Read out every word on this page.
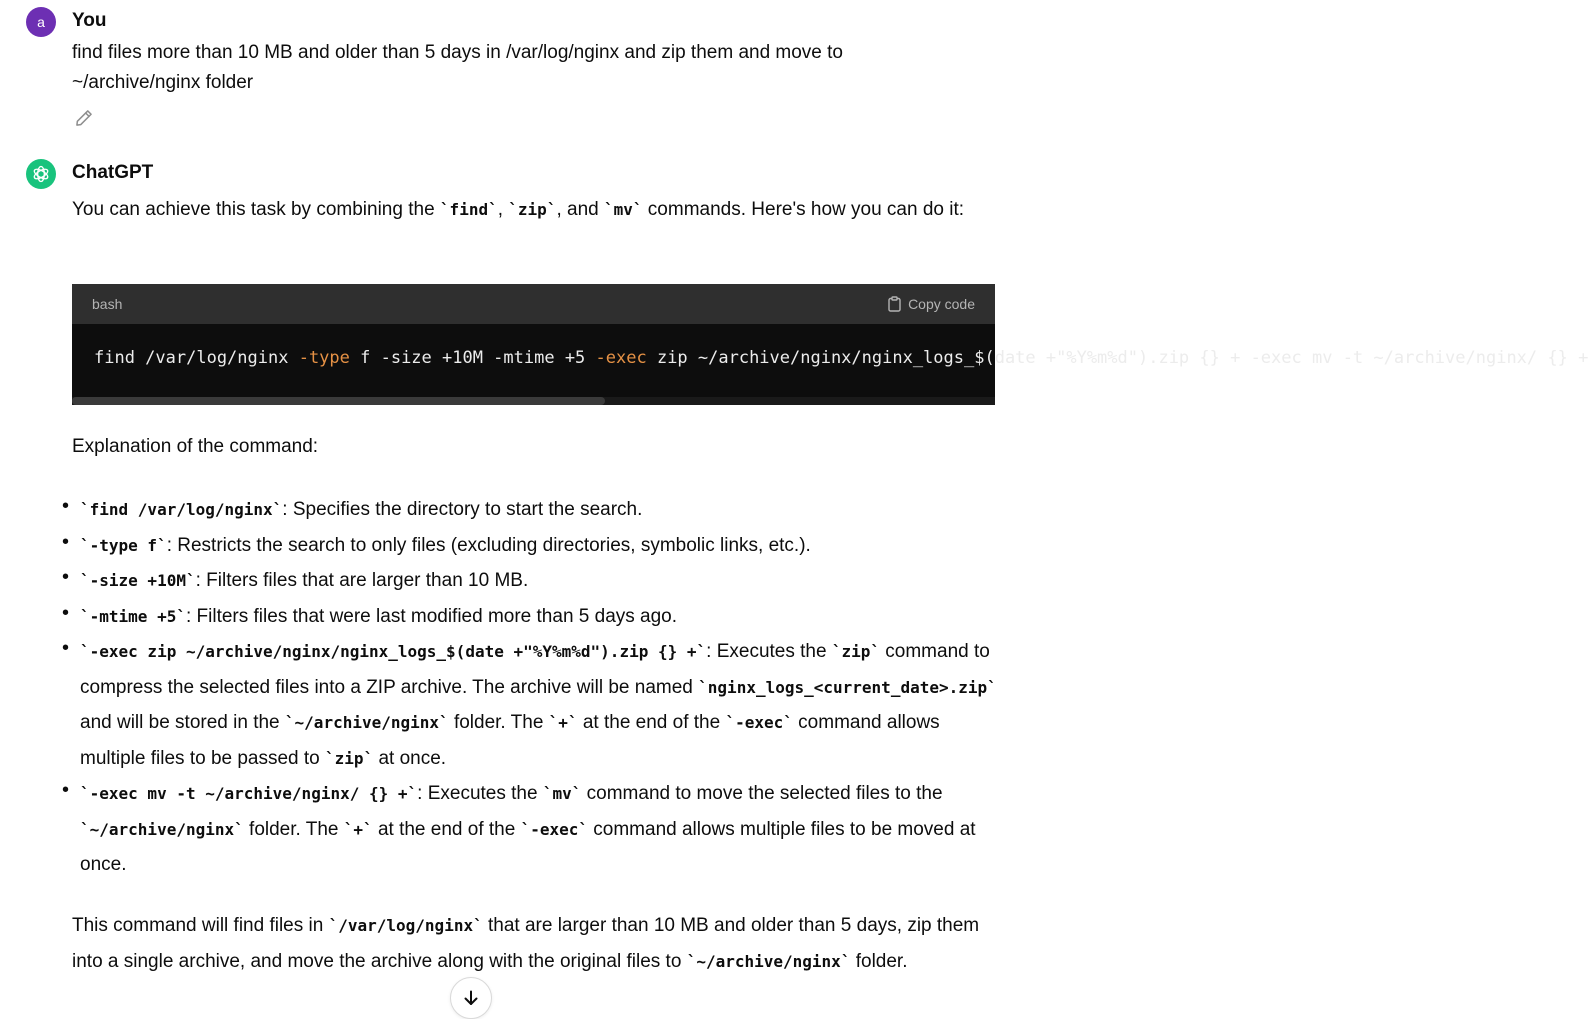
a You
find files more than 10 MB and older than 5 days in /var/log/nginx and zip them and move to ~/archive/nginx folder
ChatGPT
You can achieve this task by combining the `find`, `zip`, and `mv` commands. Here's how you can do it:
bash	Copy code
find /var/log/nginx -type f -size +10M -mtime +5 -exec zip ~/archive/nginx/nginx_logs_$(date +"%Y%m%d").zip {} + -exec mv -t ~/archive/nginx/ {} +
Explanation of the command:
• `find /var/log/nginx`: Specifies the directory to start the search.
• `-type f`: Restricts the search to only files (excluding directories, symbolic links, etc.).
• `-size +10M`: Filters files that are larger than 10 MB.
• `-mtime +5`: Filters files that were last modified more than 5 days ago.
• `-exec zip ~/archive/nginx/nginx_logs_$(date +"%Y%m%d").zip {} +`: Executes the `zip` command to compress the selected files into a ZIP archive. The archive will be named `nginx_logs_<current_date>.zip` and will be stored in the `~/archive/nginx` folder. The `+` at the end of the `-exec` command allows multiple files to be passed to `zip` at once.
• `-exec mv -t ~/archive/nginx/ {} +`: Executes the `mv` command to move the selected files to the `~/archive/nginx` folder. The `+` at the end of the `-exec` command allows multiple files to be moved at once.
This command will find files in `/var/log/nginx` that are larger than 10 MB and older than 5 days, zip them into a single archive, and move the archive along with the original files to `~/archive/nginx` folder.
